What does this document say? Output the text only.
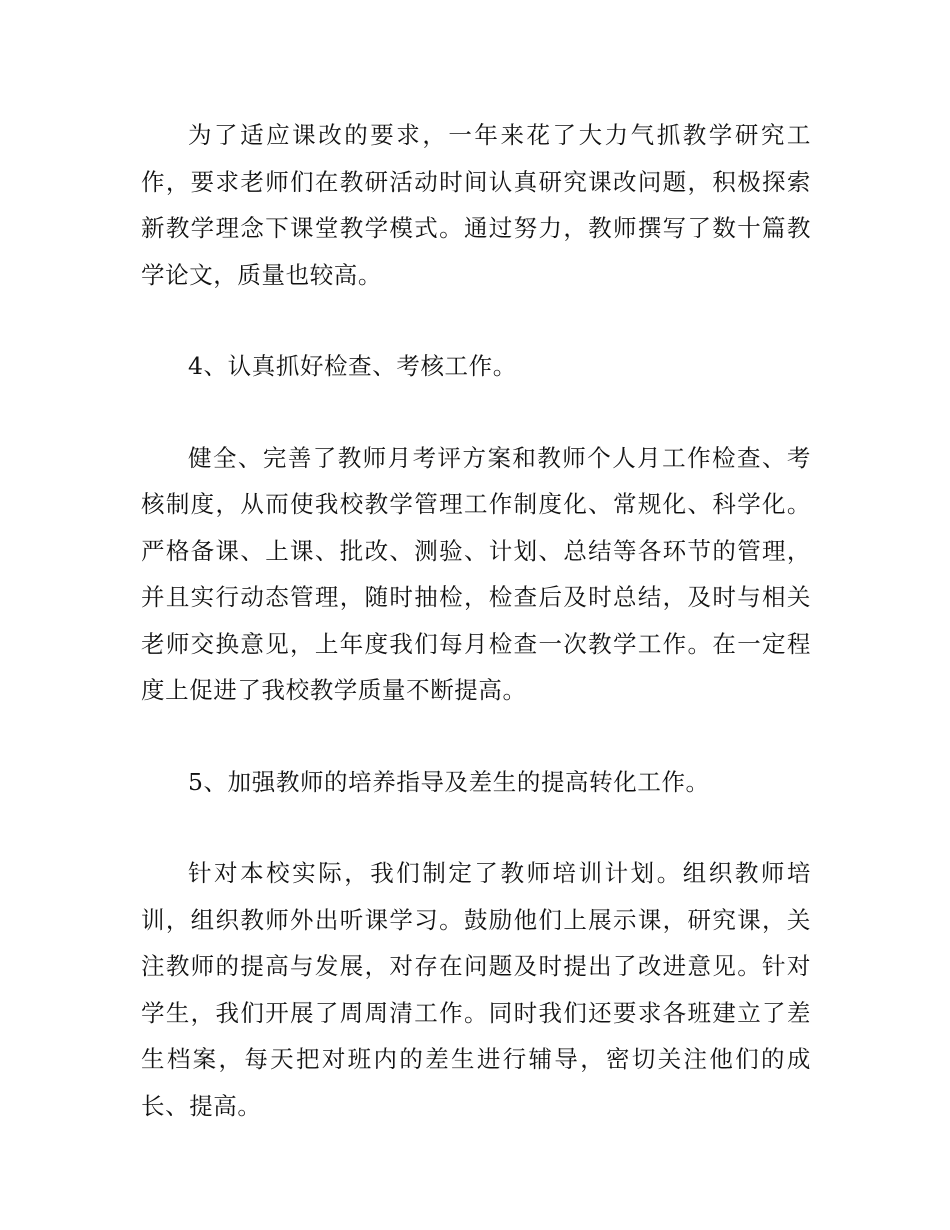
为了适应课改的要求，一年来花了大力气抓教学研究工作，要求老师们在教研活动时间认真研究课改问题，积极探索新教学理念下课堂教学模式。通过努力，教师撰写了数十篇教学论文，质量也较高。

4、认真抓好检查、考核工作。

健全、完善了教师月考评方案和教师个人月工作检查、考核制度，从而使我校教学管理工作制度化、常规化、科学化。严格备课、上课、批改、测验、计划、总结等各环节的管理，并且实行动态管理，随时抽检，检查后及时总结，及时与相关老师交换意见，上年度我们每月检查一次教学工作。在一定程度上促进了我校教学质量不断提高。

5、加强教师的培养指导及差生的提高转化工作。

针对本校实际，我们制定了教师培训计划。组织教师培训，组织教师外出听课学习。鼓励他们上展示课，研究课，关注教师的提高与发展，对存在问题及时提出了改进意见。针对学生，我们开展了周周清工作。同时我们还要求各班建立了差生档案，每天把对班内的差生进行辅导，密切关注他们的成长、提高。
